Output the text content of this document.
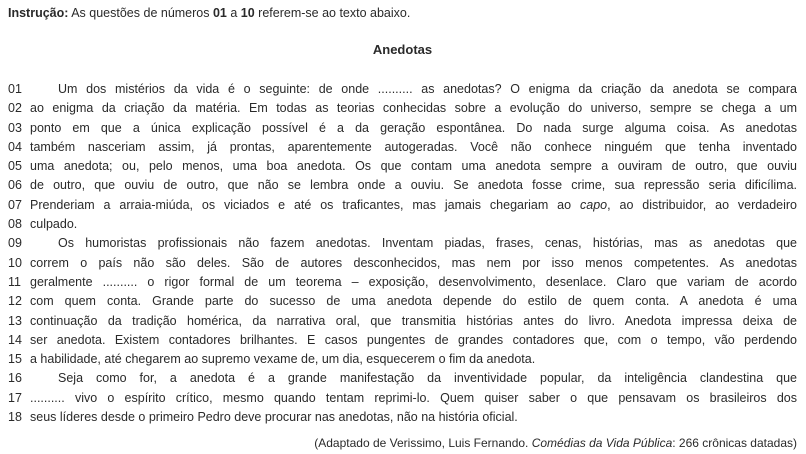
Instrução: As questões de números 01 a 10 referem-se ao texto abaixo.

Anedotas
01	Um dos mistérios da vida é o seguinte: de onde .......... as anedotas? O enigma da criação da anedota se compara
02 ao enigma da criação da matéria. Em todas as teorias conhecidas sobre a evolução do universo, sempre se chega a um
03 ponto em que a única explicação possível é a da geração espontânea. Do nada surge alguma coisa. As anedotas
04 também nasceriam assim, já prontas, aparentemente autogeradas. Você não conhece ninguém que tenha inventado
05 uma anedota; ou, pelo menos, uma boa anedota. Os que contam uma anedota sempre a ouviram de outro, que ouviu
06 de outro, que ouviu de outro, que não se lembra onde a ouviu. Se anedota fosse crime, sua repressão seria dificílima.
07 Prenderiam a arraia-miúda, os viciados e até os traficantes, mas jamais chegariam ao capo, ao distribuidor, ao verdadeiro
08 culpado.
09	Os humoristas profissionais não fazem anedotas. Inventam piadas, frases, cenas, histórias, mas as anedotas que
10 correm o país não são deles. São de autores desconhecidos, mas nem por isso menos competentes. As anedotas
11 geralmente .......... o rigor formal de um teorema – exposição, desenvolvimento, desenlace. Claro que variam de acordo
12 com quem conta. Grande parte do sucesso de uma anedota depende do estilo de quem conta. A anedota é uma
13 continuação da tradição homérica, da narrativa oral, que transmitia histórias antes do livro. Anedota impressa deixa de
14 ser anedota. Existem contadores brilhantes. E casos pungentes de grandes contadores que, com o tempo, vão perdendo
15 a habilidade, até chegarem ao supremo vexame de, um dia, esquecerem o fim da anedota.
16	Seja como for, a anedota é a grande manifestação da inventividade popular, da inteligência clandestina que
17 .......... vivo o espírito crítico, mesmo quando tentam reprimi-lo. Quem quiser saber o que pensavam os brasileiros dos
18 seus líderes desde o primeiro Pedro deve procurar nas anedotas, não na história oficial.

(Adaptado de Verissimo, Luis Fernando. Comédias da Vida Pública: 266 crônicas datadas)
